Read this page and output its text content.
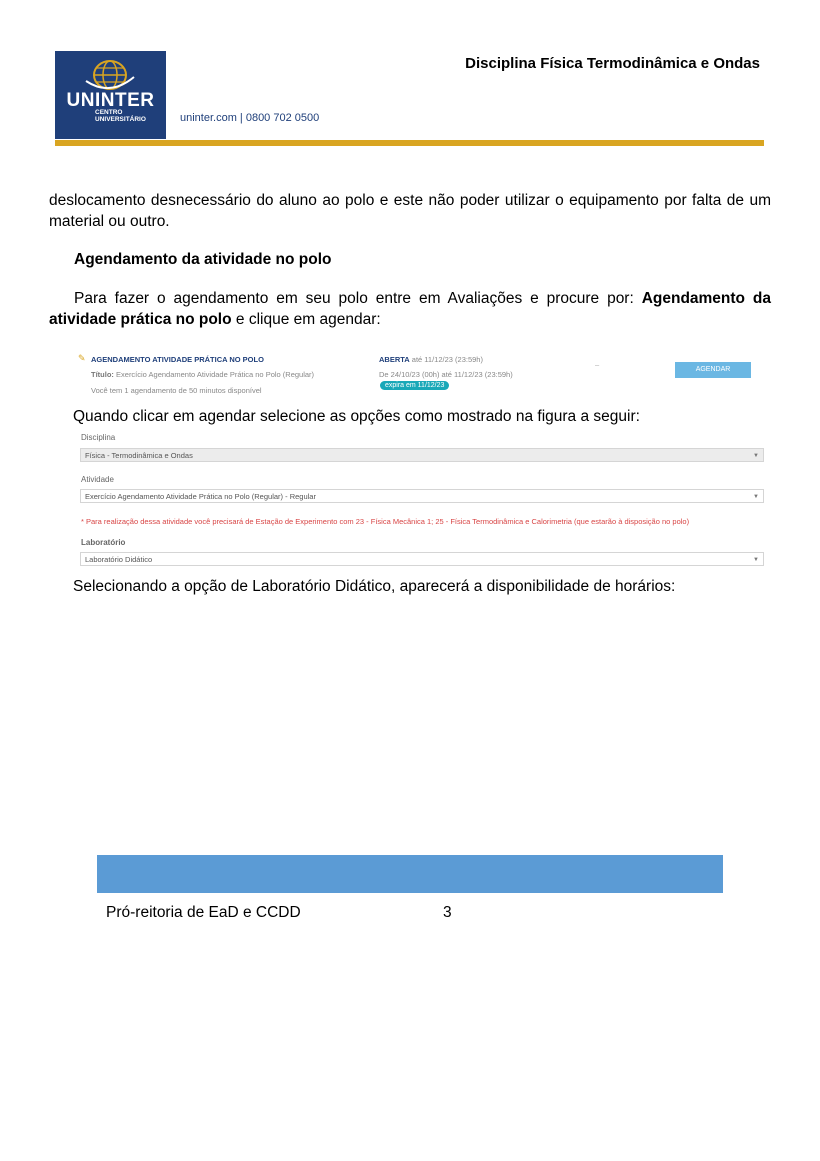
UNINTER
CENTRO
UNIVERSITÁRIO	uninter.com | 0800 702 0500
Disciplina Física Termodinâmica e Ondas
deslocamento desnecessário do aluno ao polo e este não poder utilizar o equipamento por falta de um material ou outro.
Agendamento da atividade no polo
Para fazer o agendamento em seu polo entre em Avaliações e procure por: Agendamento da atividade prática no polo e clique em agendar:
✎ AGENDAMENTO ATIVIDADE PRÁTICA NO POLO
Título: Exercício Agendamento Atividade Prática no Polo (Regular)
Você tem 1 agendamento de 50 minutos disponível
ABERTA até 11/12/23 (23:59h)
De 24/10/23 (00h) até 11/12/23 (23:59h)
expira em 11/12/23
–
AGENDAR
Quando clicar em agendar selecione as opções como mostrado na figura a seguir:
Disciplina
Física - Termodinâmica e Ondas	▼
Atividade
Exercício Agendamento Atividade Prática no Polo (Regular) - Regular	▼
* Para realização dessa atividade você precisará de Estação de Experimento com 23 - Física Mecânica 1; 25 - Física Termodinâmica e Calorimetria (que estarão à disposição no polo)
Laboratório
Laboratório Didático	▼
Selecionando a opção de Laboratório Didático, aparecerá a disponibilidade de horários:
Pró-reitoria de EaD e CCDD	3
